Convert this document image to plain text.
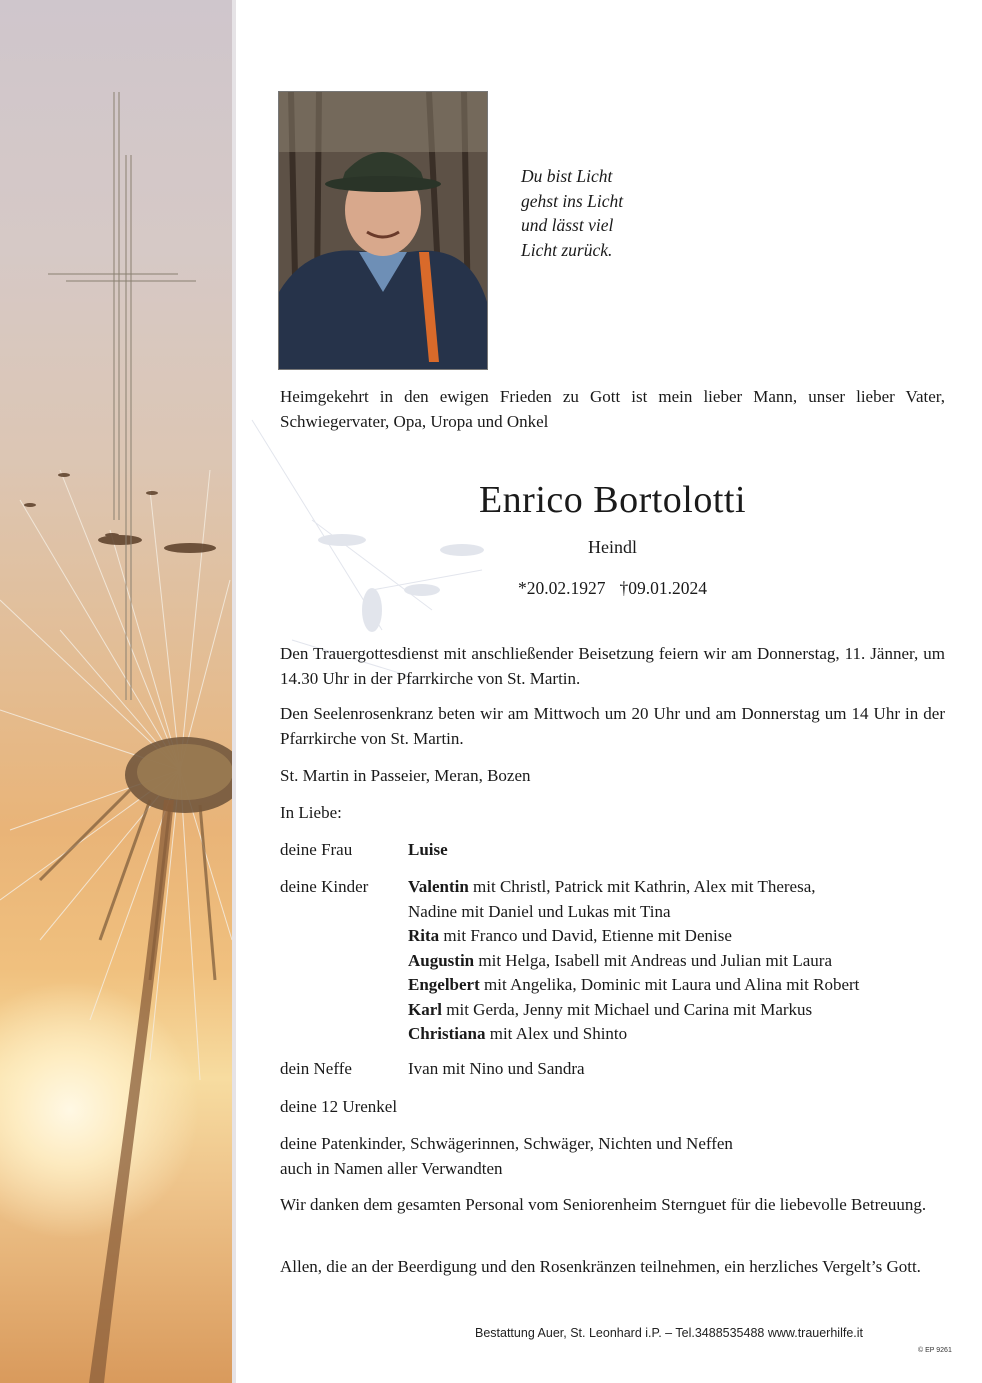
Du bist Licht
gehst ins Licht
und lässt viel
Licht zurück.
Heimgekehrt in den ewigen Frieden zu Gott ist mein lieber Mann, unser lieber Vater, Schwiegervater, Opa, Uropa und Onkel
Enrico Bortolotti
Heindl
*20.02.1927 †09.01.2024
Den Trauergottesdienst mit anschließender Beisetzung feiern wir am Donnerstag, 11. Jänner, um 14.30 Uhr in der Pfarrkirche von St. Martin.
Den Seelenrosenkranz beten wir am Mittwoch um 20 Uhr und am Donnerstag um 14 Uhr in der Pfarrkirche von St. Martin.
St. Martin in Passeier, Meran, Bozen
In Liebe:
deine Frau	Luise
deine Kinder Valentin mit Christl, Patrick mit Kathrin, Alex mit Theresa,
Nadine mit Daniel und Lukas mit Tina
Rita mit Franco und David, Etienne mit Denise
Augustin mit Helga, Isabell mit Andreas und Julian mit Laura
Engelbert mit Angelika, Dominic mit Laura und Alina mit Robert
Karl mit Gerda, Jenny mit Michael und Carina mit Markus
Christiana mit Alex und Shinto
dein Neffe	Ivan mit Nino und Sandra
deine 12 Urenkel
deine Patenkinder, Schwägerinnen, Schwäger, Nichten und Neffen
auch in Namen aller Verwandten
Wir danken dem gesamten Personal vom Seniorenheim Sternguet für die liebevolle Betreuung.
Allen, die an der Beerdigung und den Rosenkränzen teilnehmen, ein herzliches Vergelt’s Gott.
Bestattung Auer, St. Leonhard i.P. – Tel.3488535488 www.trauerhilfe.it
© EP 9261
